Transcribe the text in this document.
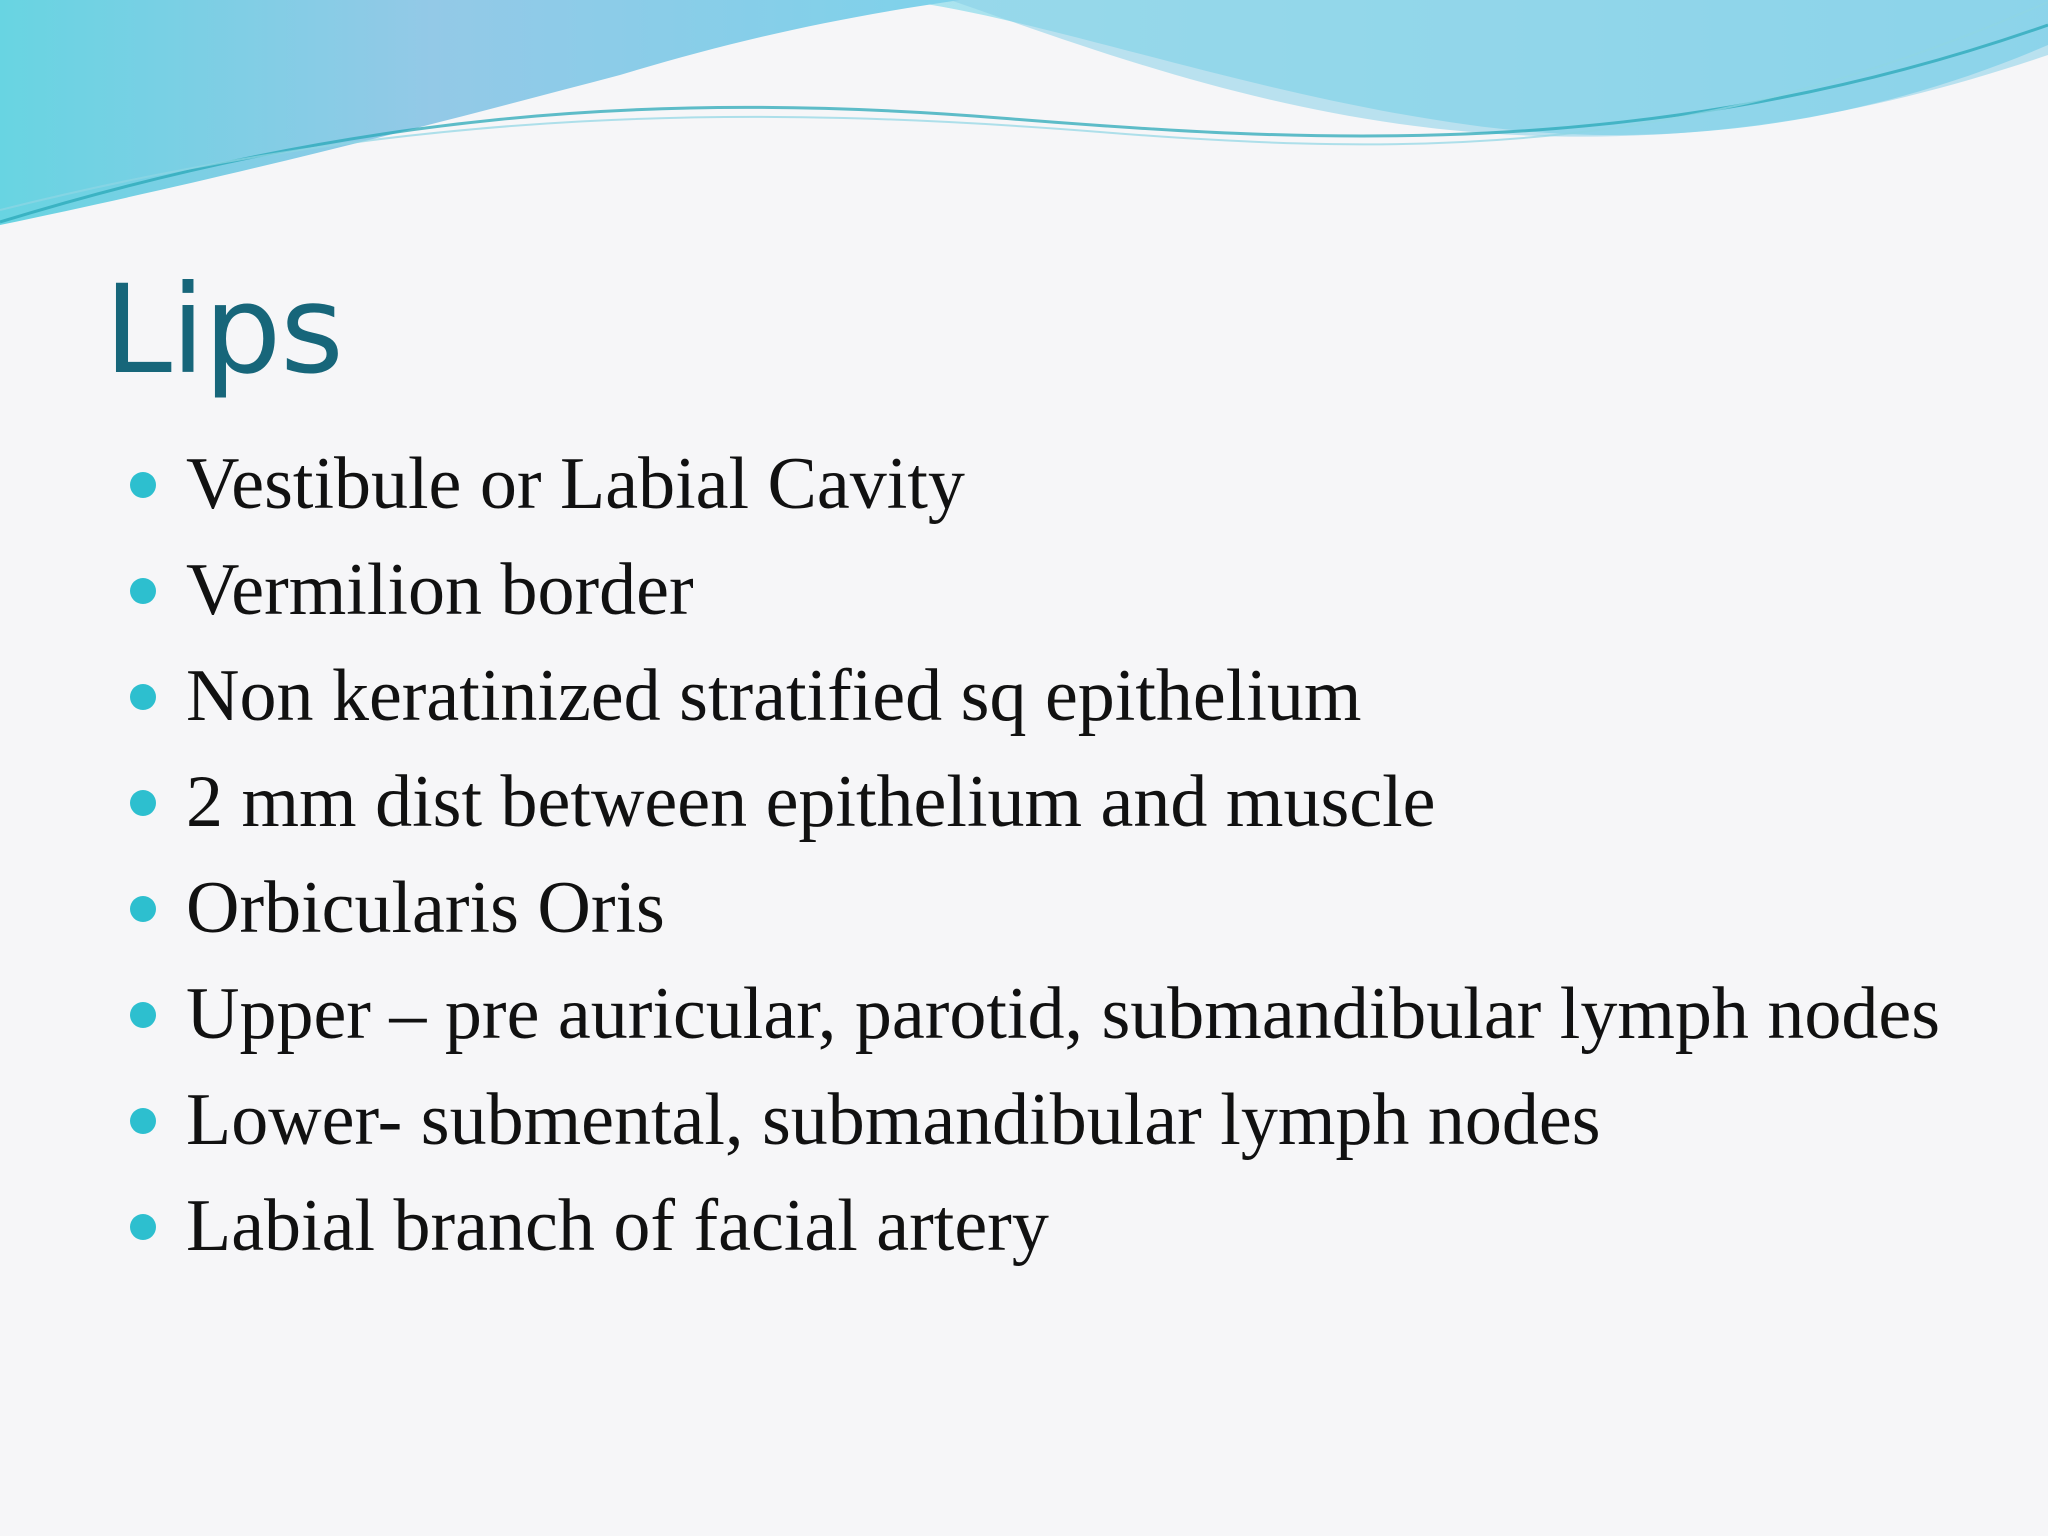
Lips
Vestibule or Labial Cavity
Vermilion border
Non keratinized stratified sq epithelium
2 mm dist between epithelium and muscle
Orbicularis Oris
Upper – pre auricular, parotid, submandibular lymph nodes
Lower- submental, submandibular lymph nodes
Labial branch of facial artery
